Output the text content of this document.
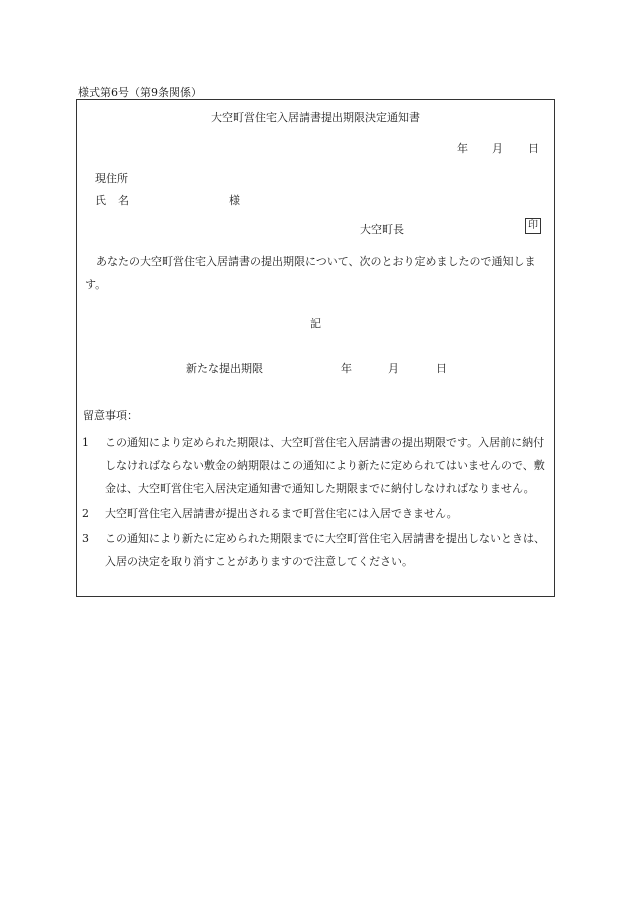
様式第6号（第9条関係）
大空町営住宅入居請書提出期限決定通知書
年 月 日
現住所
氏名	様
大空町長	印
あなたの大空町営住宅入居請書の提出期限について、次のとおり定めましたので通知します。
記
新たな提出期限	年	月	日
留意事項：
1	この通知により定められた期限は、大空町営住宅入居請書の提出期限です。入居前に納付しなければならない敷金の納期限はこの通知により新たに定められてはいませんので、敷金は、大空町営住宅入居決定通知書で通知した期限までに納付しなければなりません。
2	大空町営住宅入居請書が提出されるまで町営住宅には入居できません。
3	この通知により新たに定められた期限までに大空町営住宅入居請書を提出しないときは、入居の決定を取り消すことがありますので注意してください。
